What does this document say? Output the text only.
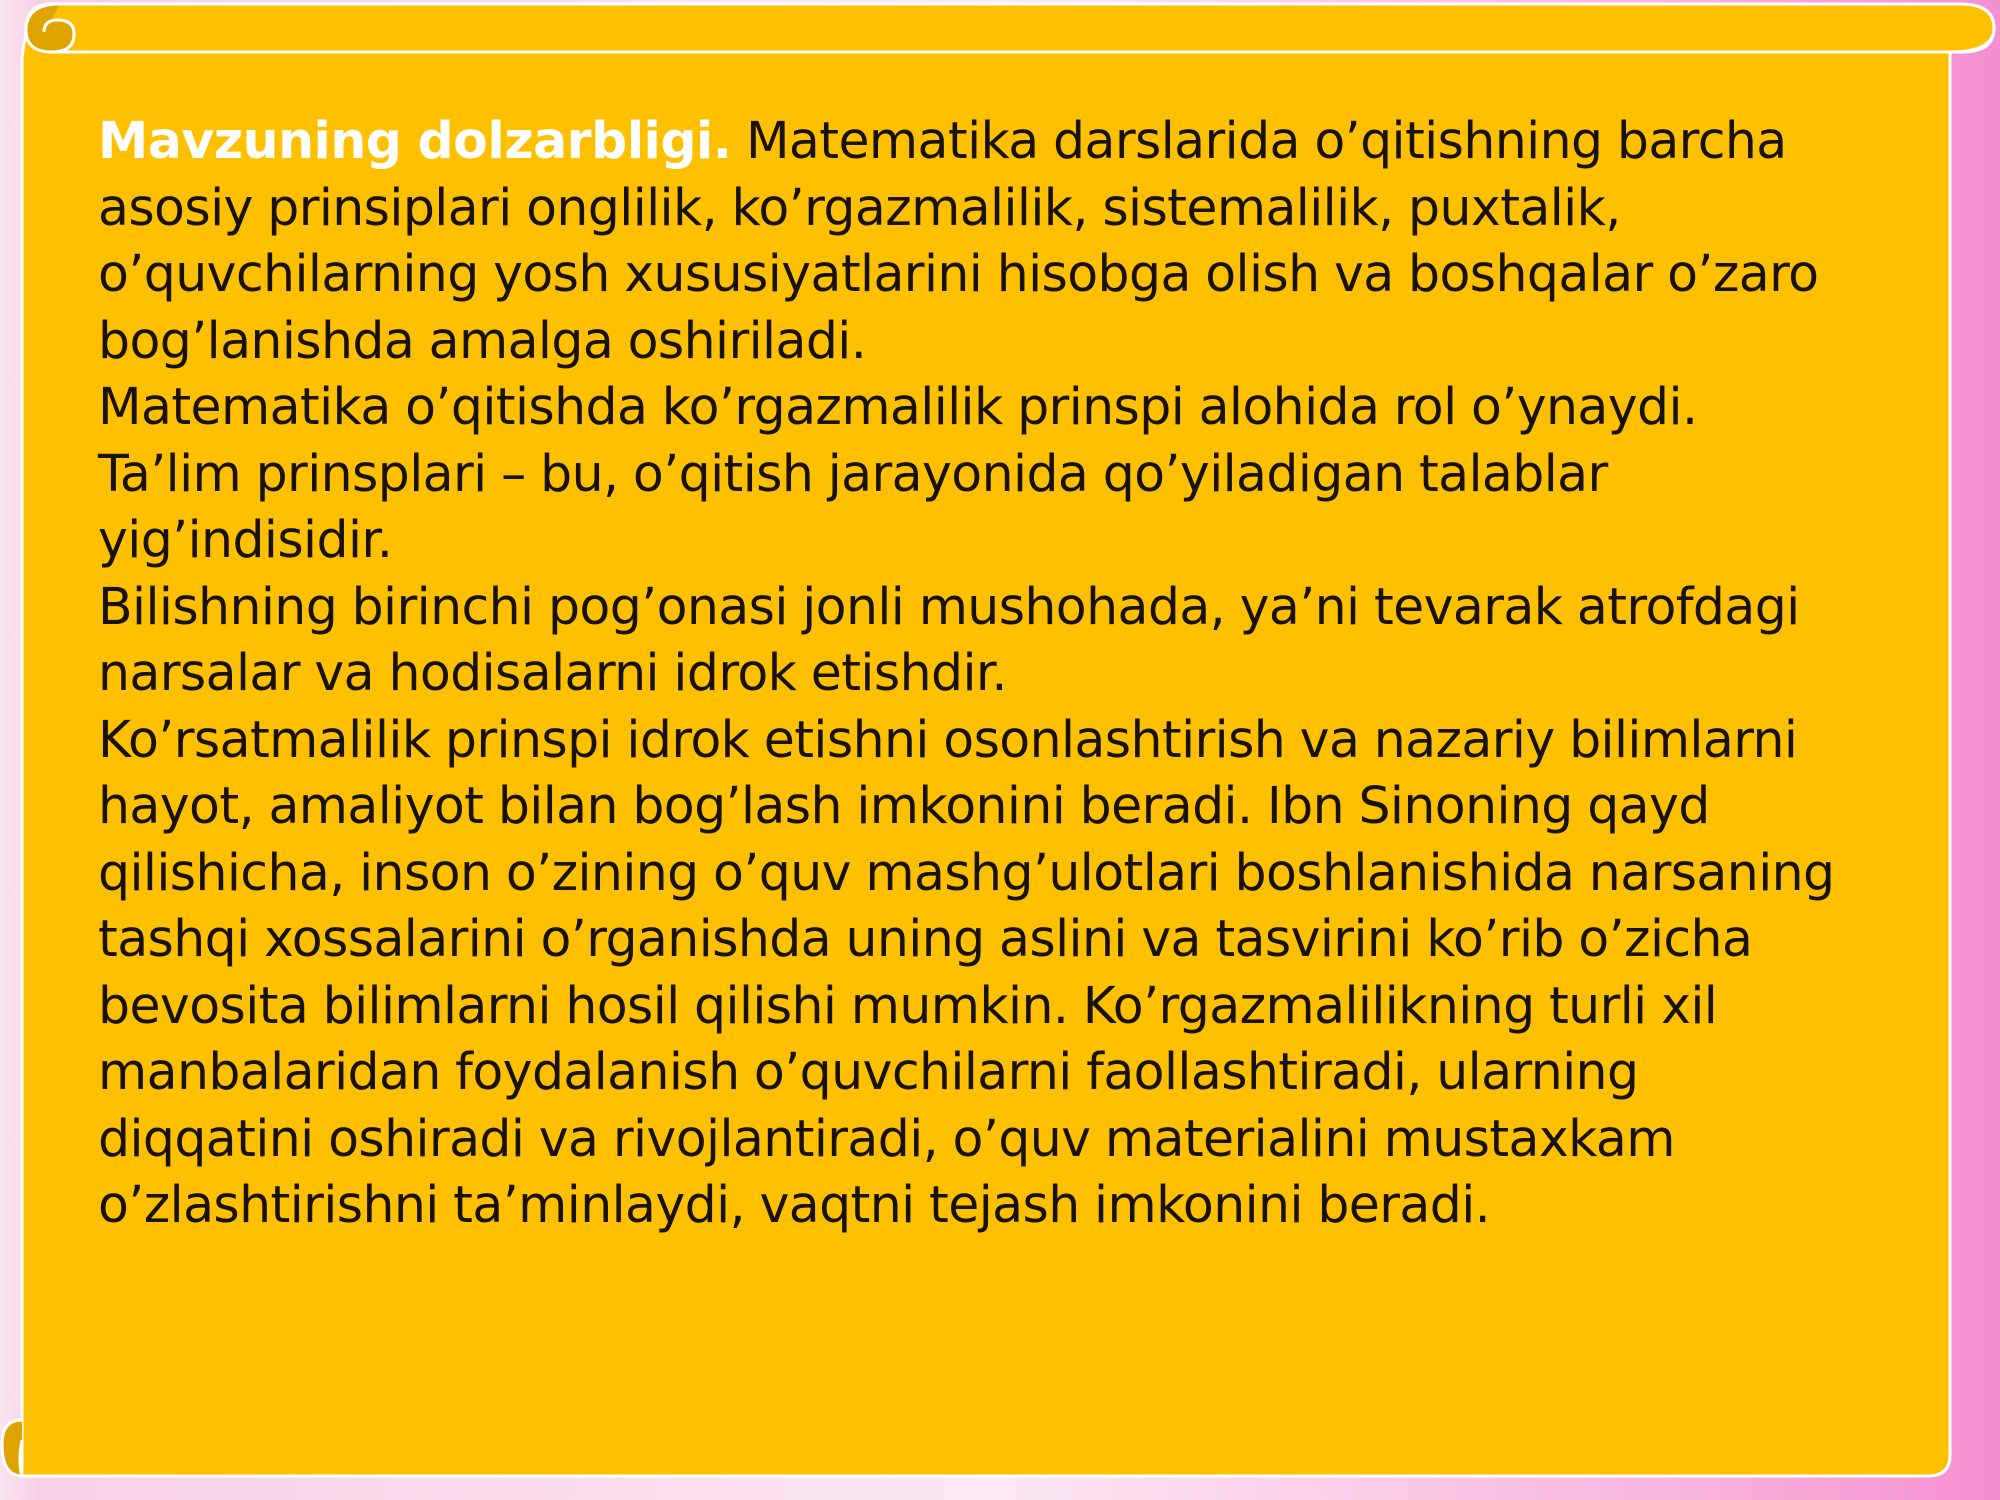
Mavzuning dolzarbligi. Matematika darslarida o’qitishning barcha asosiy prinsiplari onglilik, ko’rgazmalilik, sistemalilik, puxtalik, o’quvchilarning yosh xususiyatlarini hisobga olish va boshqalar o’zaro bog’lanishda amalga oshiriladi.

Matematika o’qitishda ko’rgazmalilik prinspi alohida rol o’ynaydi.

Ta’lim prinsplari – bu, o’qitish jarayonida qo’yiladigan talablar yig’indisidir.

Bilishning birinchi pog’onasi jonli mushohada, ya’ni tevarak atrofdagi narsalar va hodisalarni idrok etishdir.

Ko’rsatmalilik prinspi idrok etishni osonlashtirish va nazariy bilimlarni hayot, amaliyot bilan bog’lash imkonini beradi. Ibn Sinoning qayd qilishicha, inson o’zining o’quv mashg’ulotlari boshlanishida narsaning tashqi xossalarini o’rganishda uning aslini va tasvirini ko’rib o’zicha bevosita bilimlarni hosil qilishi mumkin. Ko’rgazmalilikning turli xil manbalaridan foydalanish o’quvchilarni faollashtiradi, ularning diqqatini oshiradi va rivojlantiradi, o’quv materialini mustaxkam o’zlashtirishni ta’minlaydi, vaqtni tejash imkonini beradi.
